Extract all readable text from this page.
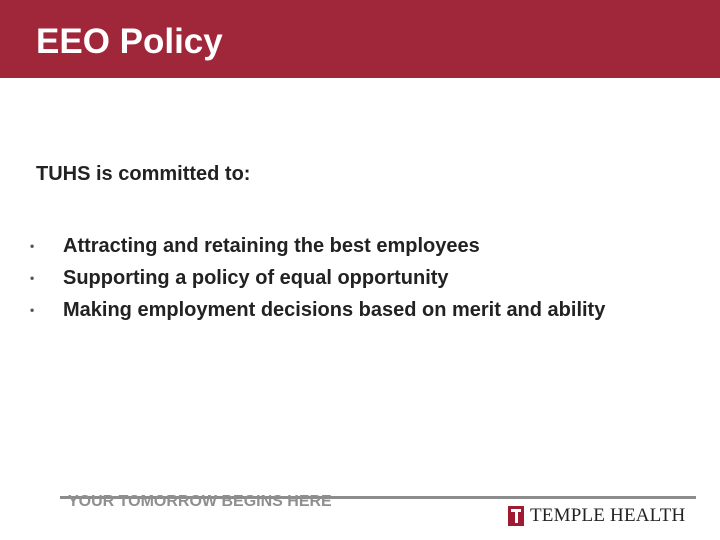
EEO Policy
TUHS is committed to:
• Attracting and retaining the best employees
• Supporting a policy of equal opportunity
• Making employment decisions based on merit and ability
YOUR TOMORROW BEGINS HERE
TEMPLE HEALTH
